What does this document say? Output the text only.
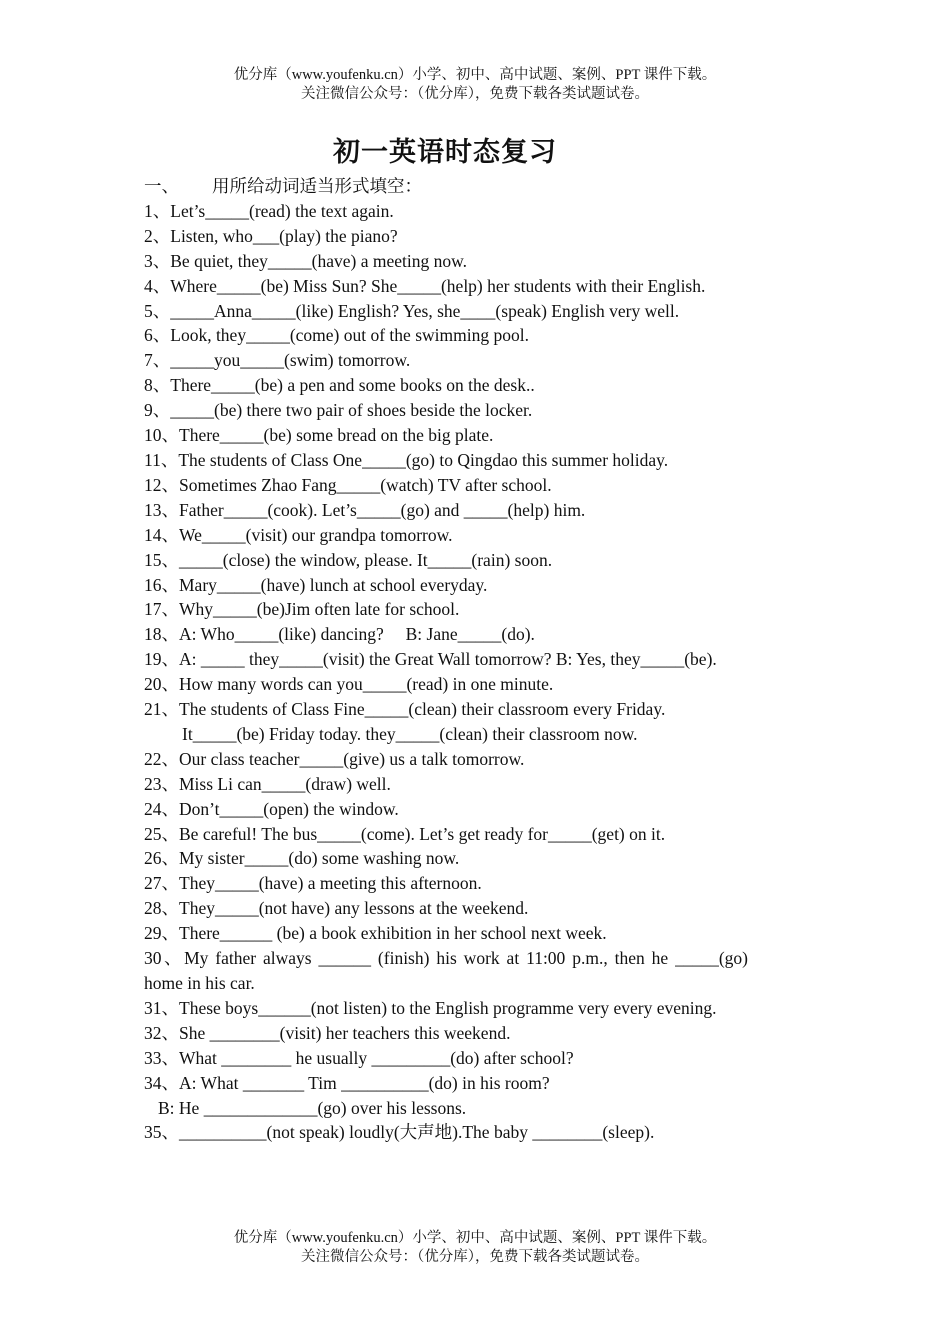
优分库（www.youfenku.cn）小学、初中、高中试题、案例、PPT 课件下载。
关注微信公众号：（优分库），免费下载各类试题试卷。
初一英语时态复习
一、 用所给动词适当形式填空：
1、Let’s_____(read) the text again.
2、Listen, who___(play) the piano?
3、Be quiet, they_____(have) a meeting now.
4、Where_____(be) Miss Sun? She_____(help) her students with their English.
5、_____Anna_____(like) English? Yes, she____(speak) English very well.
6、Look, they_____(come) out of the swimming pool.
7、_____you_____(swim) tomorrow.
8、There_____(be) a pen and some books on the desk..
9、_____(be) there two pair of shoes beside the locker.
10、There_____(be) some bread on the big plate.
11、The students of Class One_____(go) to Qingdao this summer holiday.
12、Sometimes Zhao Fang_____(watch) TV after school.
13、Father_____(cook). Let’s_____(go) and _____(help) him.
14、We_____(visit) our grandpa tomorrow.
15、_____(close) the window, please. It_____(rain) soon.
16、Mary_____(have) lunch at school everyday.
17、Why_____(be)Jim often late for school.
18、A: Who_____(like) dancing?     B: Jane_____(do).
19、A: _____ they_____(visit) the Great Wall tomorrow? B: Yes, they_____(be).
20、How many words can you_____(read) in one minute.
21、The students of Class Fine_____(clean) their classroom every Friday.
It_____(be) Friday today. they_____(clean) their classroom now.
22、Our class teacher_____(give) us a talk tomorrow.
23、Miss Li can_____(draw) well.
24、Don’t_____(open) the window.
25、Be careful! The bus_____(come). Let’s get ready for_____(get) on it.
26、My sister_____(do) some washing now.
27、They_____(have) a meeting this afternoon.
28、They_____(not have) any lessons at the weekend.
29、There______ (be) a book exhibition in her school next week.
30、My father always ______ (finish) his work at 11:00 p.m., then he _____(go) home in his car.
31、These boys______(not listen) to the English programme very every evening.
32、She ________(visit) her teachers this weekend.
33、What ________ he usually _________(do) after school?
34、A: What _______ Tim __________(do) in his room?
B: He _____________(go) over his lessons.
35、__________(not speak) loudly(大声地).The baby ________(sleep).
优分库（www.youfenku.cn）小学、初中、高中试题、案例、PPT 课件下载。
关注微信公众号：（优分库），免费下载各类试题试卷。
